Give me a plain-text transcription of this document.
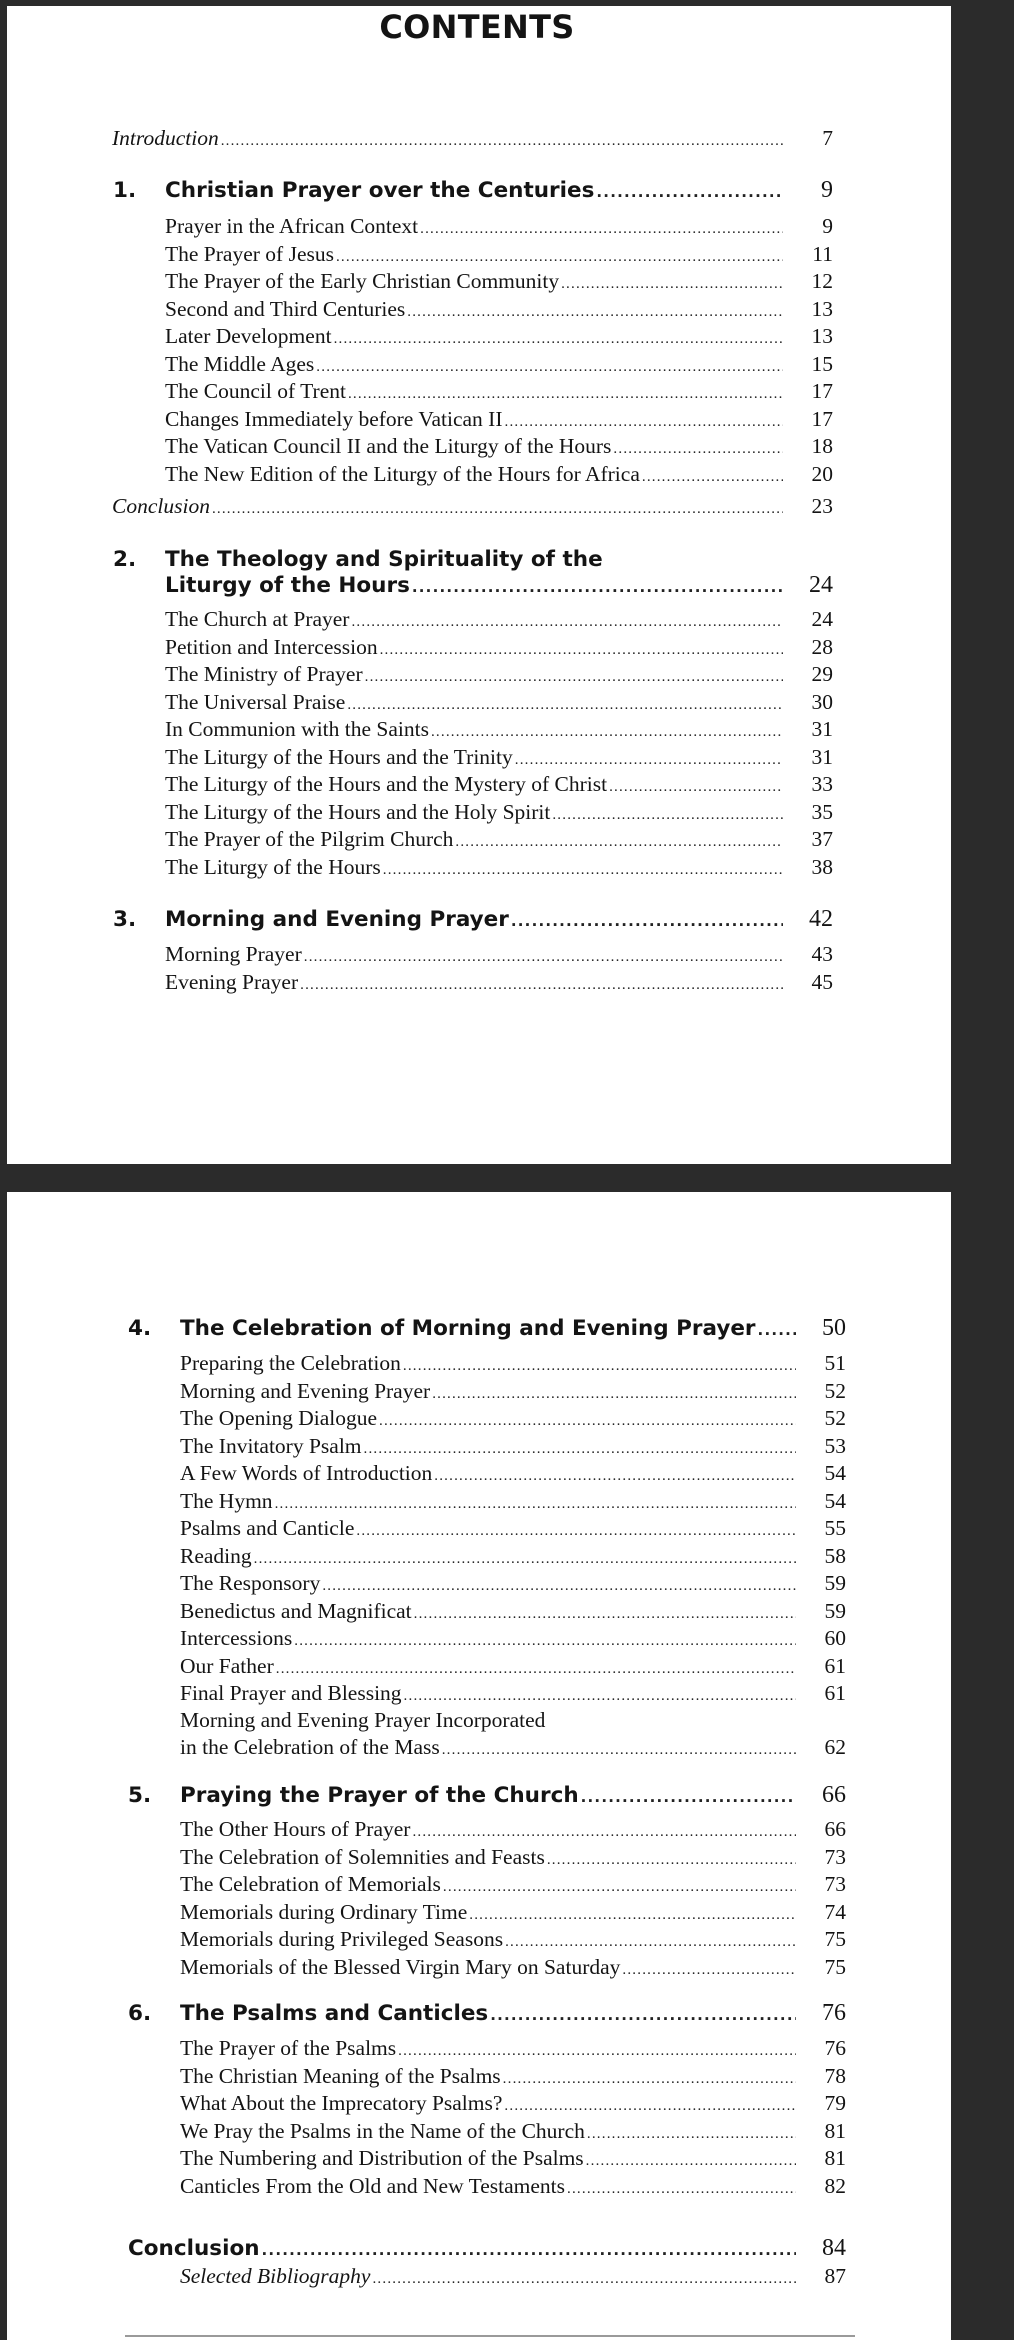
CONTENTS
Introduction .....	7
1. Christian Prayer over the Centuries .....	9
Prayer in the African Context .....	9
The Prayer of Jesus .....	11
The Prayer of the Early Christian Community .....	12
Second and Third Centuries .....	13
Later Development .....	13
The Middle Ages .....	15
The Council of Trent .....	17
Changes Immediately before Vatican II .....	17
The Vatican Council II and the Liturgy of the Hours .....	18
The New Edition of the Liturgy of the Hours for Africa .....	20
Conclusion .....	23
2. The Theology and Spirituality of the
Liturgy of the Hours .....	24
The Church at Prayer .....	24
Petition and Intercession .....	28
The Ministry of Prayer .....	29
The Universal Praise .....	30
In Communion with the Saints .....	31
The Liturgy of the Hours and the Trinity .....	31
The Liturgy of the Hours and the Mystery of Christ .....	33
The Liturgy of the Hours and the Holy Spirit .....	35
The Prayer of the Pilgrim Church .....	37
The Liturgy of the Hours .....	38
3. Morning and Evening Prayer .....	42
Morning Prayer .....	43
Evening Prayer .....	45
4. The Celebration of Morning and Evening Prayer .....	50
Preparing the Celebration .....	51
Morning and Evening Prayer .....	52
The Opening Dialogue .....	52
The Invitatory Psalm .....	53
A Few Words of Introduction .....	54
The Hymn .....	54
Psalms and Canticle .....	55
Reading .....	58
The Responsory .....	59
Benedictus and Magnificat .....	59
Intercessions .....	60
Our Father .....	61
Final Prayer and Blessing .....	61
Morning and Evening Prayer Incorporated
in the Celebration of the Mass .....	62
5. Praying the Prayer of the Church .....	66
The Other Hours of Prayer .....	66
The Celebration of Solemnities and Feasts .....	73
The Celebration of Memorials .....	73
Memorials during Ordinary Time .....	74
Memorials during Privileged Seasons .....	75
Memorials of the Blessed Virgin Mary on Saturday .....	75
6. The Psalms and Canticles .....	76
The Prayer of the Psalms .....	76
The Christian Meaning of the Psalms .....	78
What About the Imprecatory Psalms? .....	79
We Pray the Psalms in the Name of the Church .....	81
The Numbering and Distribution of the Psalms .....	81
Canticles From the Old and New Testaments .....	82
Conclusion .....	84
Selected Bibliography .....	87
